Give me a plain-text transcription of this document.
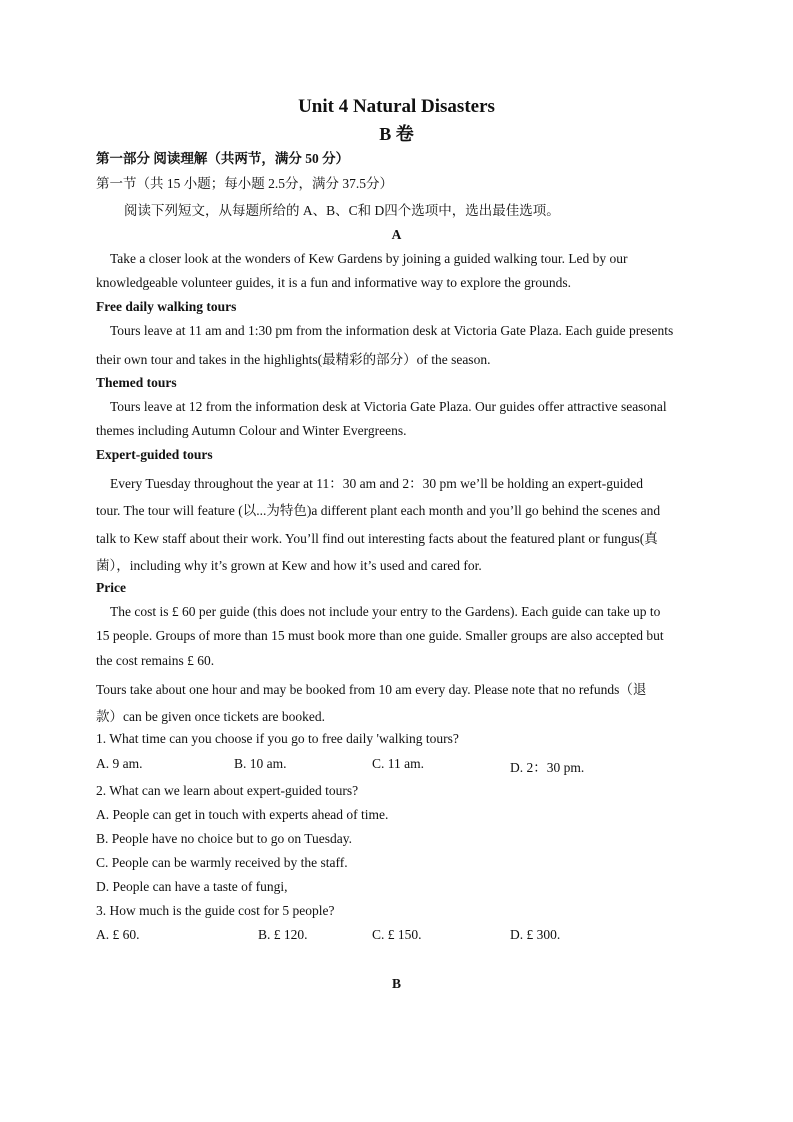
Unit 4 Natural Disasters
B 卷
第一部分 阅读理解（共两节，满分 50 分）
第一节（共 15 小题；每小题 2.5分，满分 37.5分）
阅读下列短文，从每题所给的 A、B、C和 D四个选项中，选出最佳选项。
A
Take a closer look at the wonders of Kew Gardens by joining a guided walking tour. Led by our
knowledgeable volunteer guides, it is a fun and informative way to explore the grounds.
Free daily walking tours
Tours leave at 11 am and 1:30 pm from the information desk at Victoria Gate Plaza. Each guide presents
their own tour and takes in the highlights(最精彩的部分）of the season.
Themed tours
Tours leave at 12 from the information desk at Victoria Gate Plaza. Our guides offer attractive seasonal
themes including Autumn Colour and Winter Evergreens.
Expert-guided tours
Every Tuesday throughout the year at 11：30 am and 2：30 pm we’ll be holding an expert-guided
tour. The tour will feature (以...为特色)a different plant each month and you’ll go behind the scenes and
talk to Kew staff about their work. You’ll find out interesting facts about the featured plant or fungus(真
菌），including why it’s grown at Kew and how it’s used and cared for.
Price
The cost is £ 60 per guide (this does not include your entry to the Gardens). Each guide can take up to
15 people. Groups of more than 15 must book more than one guide. Smaller groups are also accepted but
the cost remains £ 60.
Tours take about one hour and may be booked from 10 am every day. Please note that no refunds（退
款）can be given once tickets are booked.
1. What time can you choose if you go to free daily 'walking tours?
A. 9 am.	B. 10 am.	C. 11 am.	D. 2：30 pm.
2. What can we learn about expert-guided tours?
A. People can get in touch with experts ahead of time.
B. People have no choice but to go on Tuesday.
C. People can be warmly received by the staff.
D. People can have a taste of fungi,
3. How much is the guide cost for 5 people?
A. £ 60.	B. £ 120.	C. £ 150.	D. £ 300.
B
